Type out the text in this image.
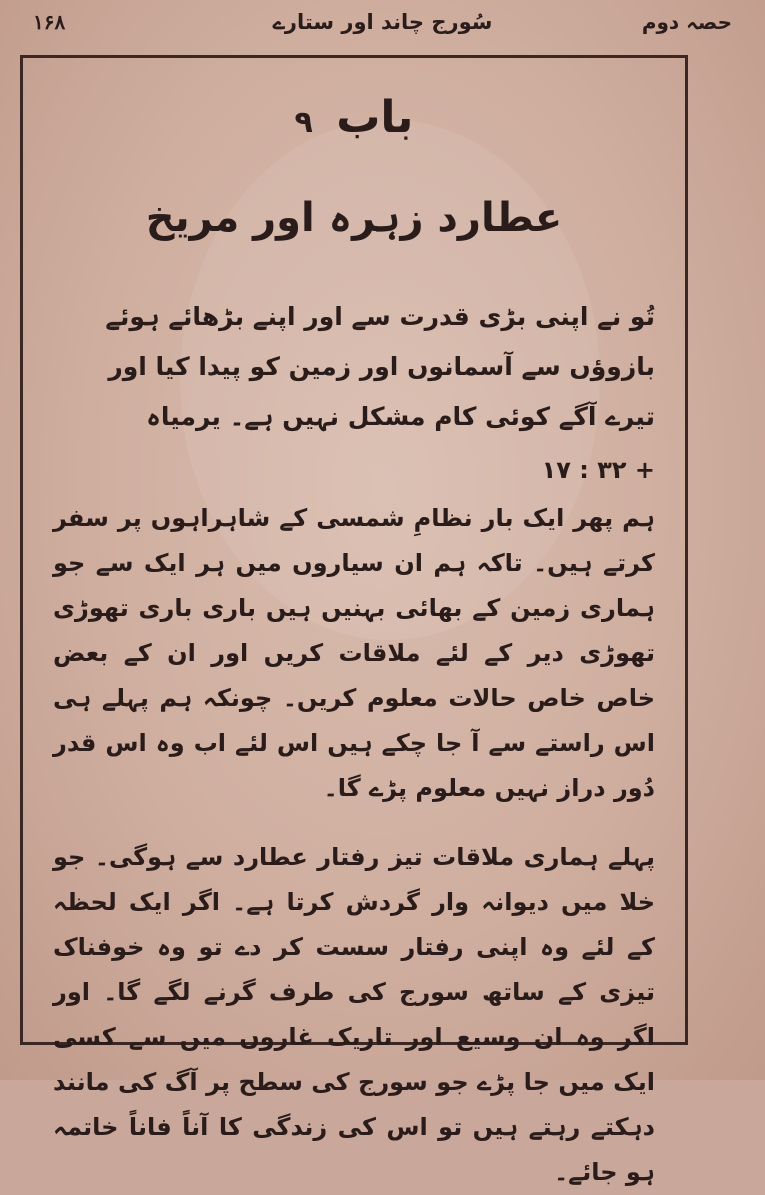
حصہ دوم
سُورج چاند اور ستارے
۱۶۸
باب ۹
عطارد زہرہ اور مریخ
تُو نے اپنی بڑی قدرت سے اور اپنے بڑھائے ہوئے بازوؤں سے آسمانوں اور زمین کو پیدا کیا اور تیرے آگے کوئی کام مشکل نہیں ہے۔ یرمیاہ
+ ۳۲ : ۱۷

ہم پھر ایک بار نظامِ شمسی کے شاہراہوں پر سفر کرتے ہیں۔ تاکہ ہم ان سیاروں میں ہر ایک سے جو ہماری زمین کے بھائی بہنیں ہیں باری باری تھوڑی تھوڑی دیر کے لئے ملاقات کریں اور ان کے بعض خاص خاص حالات معلوم کریں۔ چونکہ ہم پہلے ہی اس راستے سے آ جا چکے ہیں اس لئے اب وہ اس قدر دُور دراز نہیں معلوم پڑے گا۔

پہلے ہماری ملاقات تیز رفتار عطارد سے ہوگی۔ جو خلا میں دیوانہ وار گردش کرتا ہے۔ اگر ایک لحظہ کے لئے وہ اپنی رفتار سست کر دے تو وہ خوفناک تیزی کے ساتھ سورج کی طرف گرنے لگے گا۔ اور اگر وہ ان وسیع اور تاریک غاروں میں سے کسی ایک میں جا پڑے جو سورج کی سطح پر آگ کی مانند دہکتے رہتے ہیں تو اس کی زندگی کا آناً فاناً خاتمہ ہو جائے۔
